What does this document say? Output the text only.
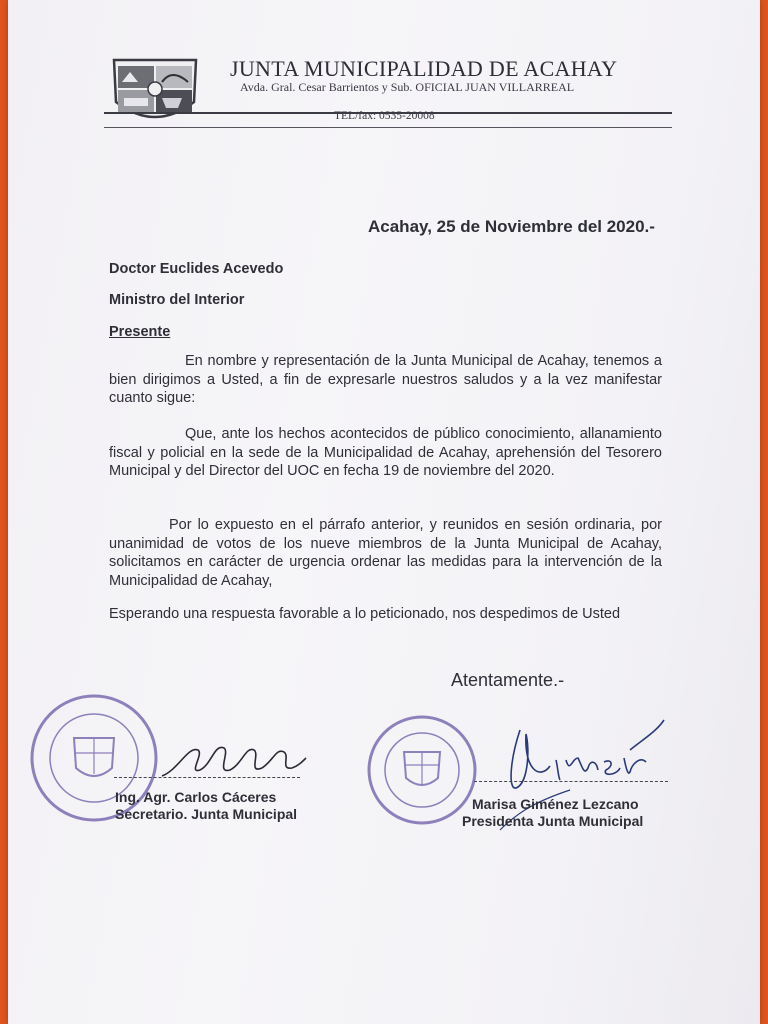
JUNTA MUNICIPALIDAD DE ACAHAY
Avda. Gral. Cesar Barrientos y Sub. OFICIAL JUAN VILLARREAL
TEL/fax: 0535-20008
Acahay, 25 de Noviembre del 2020.-
Doctor Euclides Acevedo
Ministro del Interior
Presente
En nombre y representación de la Junta Municipal de Acahay, tenemos a bien dirigimos a Usted, a fin de expresarle nuestros saludos y a la vez manifestar cuanto sigue:
Que, ante los hechos acontecidos de público conocimiento, allanamiento fiscal y policial en la sede de la Municipalidad de Acahay, aprehensión del Tesorero Municipal y del Director del UOC en fecha 19 de noviembre del 2020.
Por lo expuesto en el párrafo anterior, y reunidos en sesión ordinaria, por unanimidad de votos de los nueve miembros de la Junta Municipal de Acahay, solicitamos en carácter de urgencia ordenar las medidas para la intervención de la Municipalidad de Acahay,
Esperando una respuesta favorable a lo peticionado, nos despedimos de Usted
Atentamente.-
Ing. Agr. Carlos Cáceres
Secretario. Junta Municipal
Marisa Giménez Lezcano
Presidenta Junta Municipal
